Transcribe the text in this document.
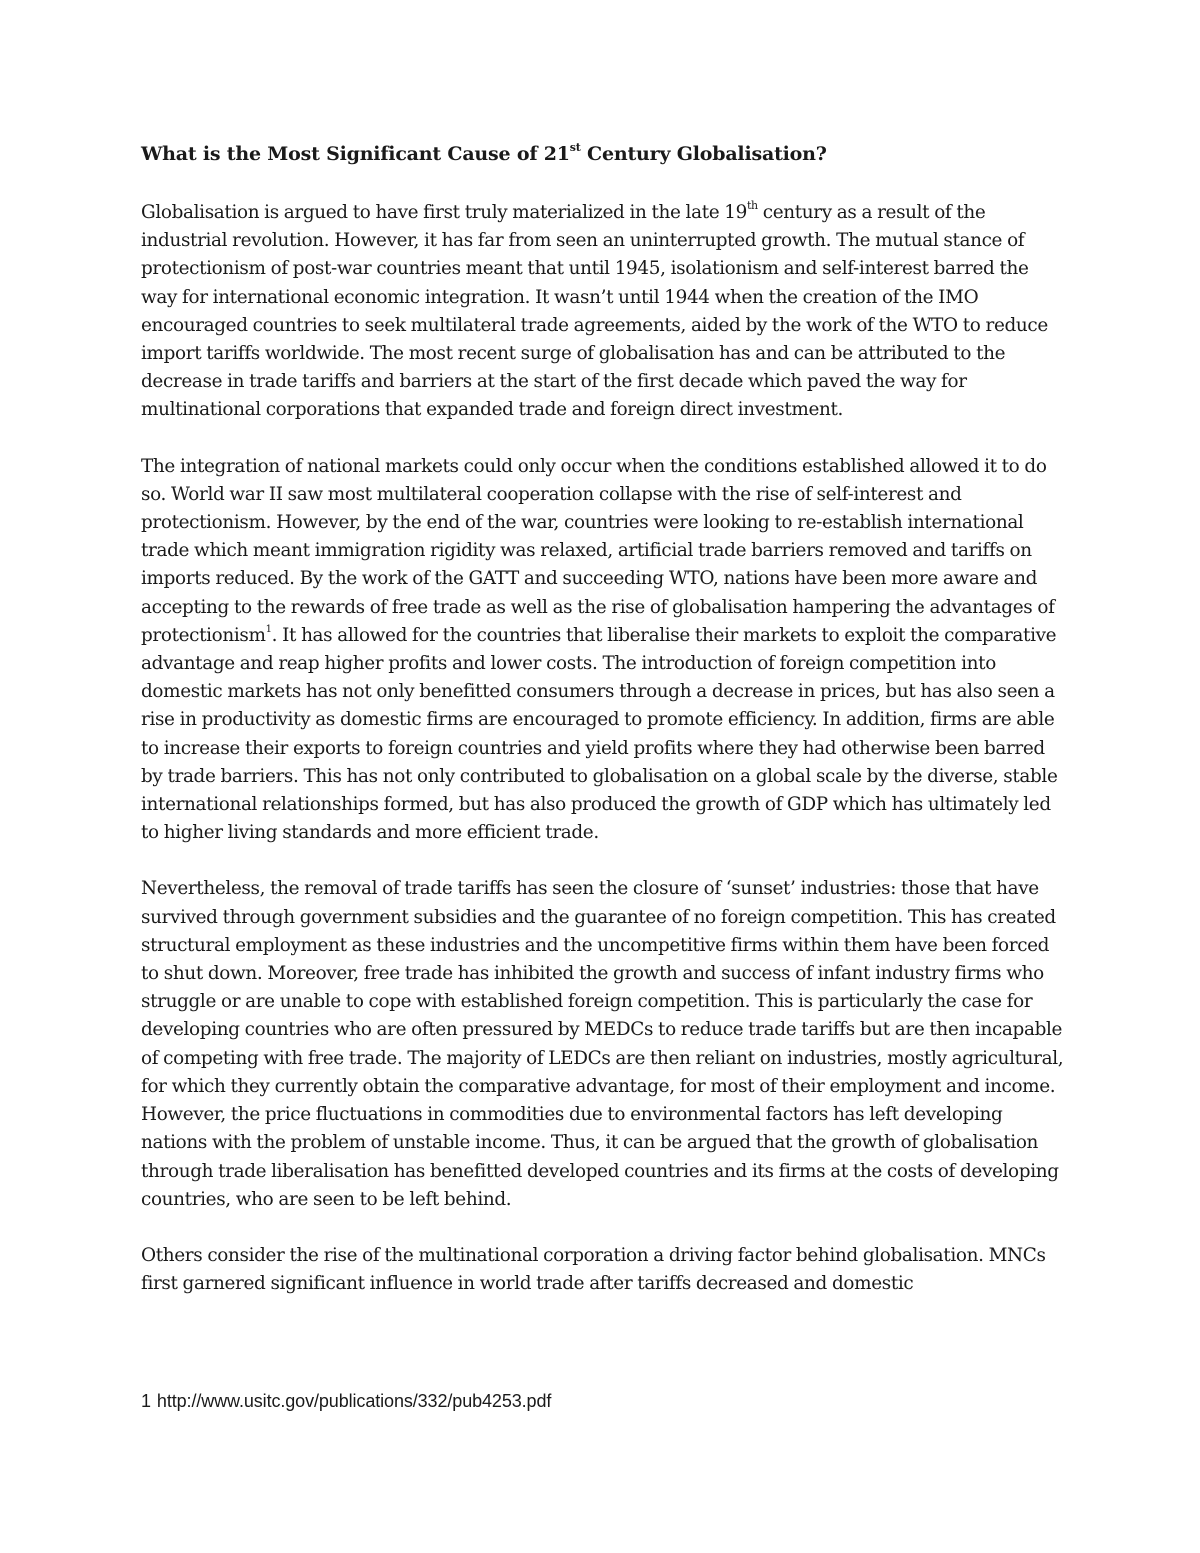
What is the Most Significant Cause of 21st Century Globalisation?

Globalisation is argued to have first truly materialized in the late 19th century as a result of the industrial revolution. However, it has far from seen an uninterrupted growth. The mutual stance of protectionism of post-war countries meant that until 1945, isolationism and self-interest barred the way for international economic integration. It wasn’t until 1944 when the creation of the IMO encouraged countries to seek multilateral trade agreements, aided by the work of the WTO to reduce import tariffs worldwide. The most recent surge of globalisation has and can be attributed to the decrease in trade tariffs and barriers at the start of the first decade which paved the way for multinational corporations that expanded trade and foreign direct investment.

The integration of national markets could only occur when the conditions established allowed it to do so. World war II saw most multilateral cooperation collapse with the rise of self-interest and protectionism. However, by the end of the war, countries were looking to re-establish international trade which meant immigration rigidity was relaxed, artificial trade barriers removed and tariffs on imports reduced. By the work of the GATT and succeeding WTO, nations have been more aware and accepting to the rewards of free trade as well as the rise of globalisation hampering the advantages of protectionism$^1$. It has allowed for the countries that liberalise their markets to exploit the comparative advantage and reap higher profits and lower costs. The introduction of foreign competition into domestic markets has not only benefitted consumers through a decrease in prices, but has also seen a rise in productivity as domestic firms are encouraged to promote efficiency. In addition, firms are able to increase their exports to foreign countries and yield profits where they had otherwise been barred by trade barriers. This has not only contributed to globalisation on a global scale by the diverse, stable international relationships formed, but has also produced the growth of GDP which has ultimately led to higher living standards and more efficient trade.

Nevertheless, the removal of trade tariffs has seen the closure of ‘sunset’ industries: those that have survived through government subsidies and the guarantee of no foreign competition. This has created structural employment as these industries and the uncompetitive firms within them have been forced to shut down. Moreover, free trade has inhibited the growth and success of infant industry firms who struggle or are unable to cope with established foreign competition. This is particularly the case for developing countries who are often pressured by MEDCs to reduce trade tariffs but are then incapable of competing with free trade. The majority of LEDCs are then reliant on industries, mostly agricultural, for which they currently obtain the comparative advantage, for most of their employment and income. However, the price fluctuations in commodities due to environmental factors has left developing nations with the problem of unstable income. Thus, it can be argued that the growth of globalisation through trade liberalisation has benefitted developed countries and its firms at the costs of developing countries, who are seen to be left behind.

Others consider the rise of the multinational corporation a driving factor behind globalisation. MNCs first garnered significant influence in world trade after tariffs decreased and domestic

1 http://www.usitc.gov/publications/332/pub4253.pdf
